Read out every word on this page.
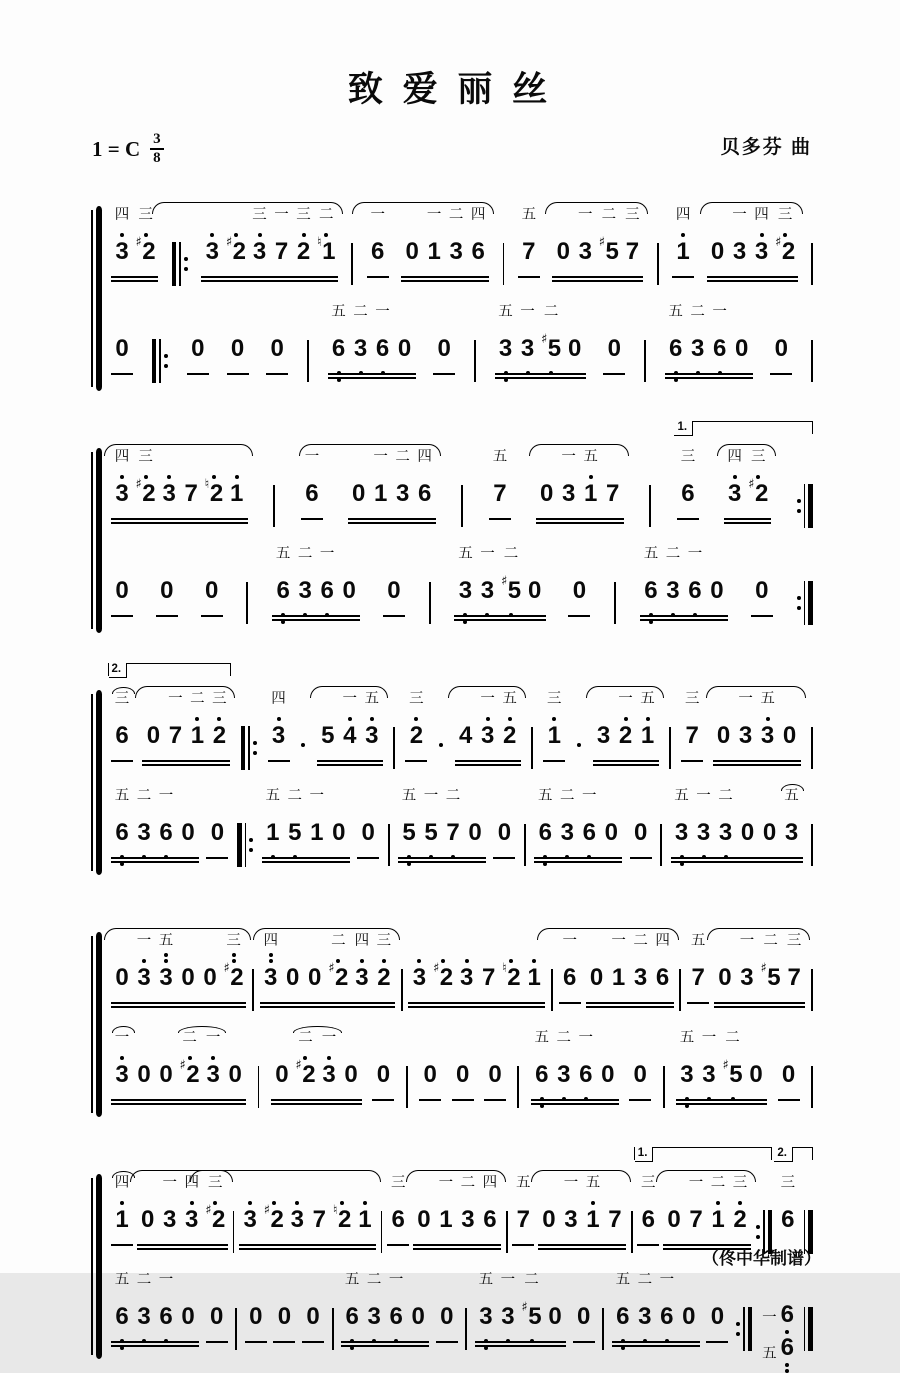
致 爱 丽 丝
1 = C $\frac{3}{8}$	贝多芬 曲
四
3
三
♯ 2
3
♯ 2
三
3
一
7
三
2
二
♮ 1
一
6
0
一
1
二
3
四
6
五
7
0
一
3
二
♯ 5
三
7
四
1
0
一
3
四
3
三
♯ 2

0
	0
0
0
五
6
二
3
一
6
0
0
五
3
一
3
二
♯ 5
0
0
五
6
二
3
一
6
0
0
四
3
三
♯ 2
3
7
♮ 2
1
一
6
0
一
1
二
3
四
6
五
7
0
一
3
五
1
7
三
6
四
3
三
♯ 2

0
0
0
五
6
二
3
一
6
0
0
五
3
一
3
二
♯ 5
0
0
五
6
二
3
一
6
0
0
1.
三
6
0
一
7
二
1
三
2
四
3
5
一
4
五
3
三
2
4
一
3
五
2
三
1
3
一
2
五
1
三
7
0
一
3
五
3
0
五
6
二
3
一
6
0
0
五
1
二
5
一
1
0
0
五
5
一
5
二
7
0
0
五
6
二
3
一
6
0
0
五
3
一
3
二
3
0
0
五
3
2.

0
一
3
五
3
0
0
三
♯ 2
四
3
0
0
二
♯ 2
四
3
三
2
3
♯ 2
3
7
♮ 2
1
一
6
0
一
1
二
3
四
6
五
7
0
一
3
二
♯ 5
三
7
一
3
0
0
二
♯ 2
一
3
0
0
二
♯ 2
一
3
0
0
0
0
0
五
6
二
3
一
6
0
0
五
3
一
3
二
♯ 5
0
0
四
1
0
一
3
四
3
三
♯ 2
3
♯ 2
3
7
♮ 2
1
三
6
0
一
1
二
3
四
6
五
7
0
一
3
五
1
7
三
6
0
一
7
二
1
三
2
三
6
五
6
二
3
一
6
0
0
0
0
0
五
6
二
3
一
6
0
0
五
3
一
3
二
♯ 5
0
0
五
6
二
3
一
6
0
0	一 6
五 6
（佟中华制谱）
1.	2.
